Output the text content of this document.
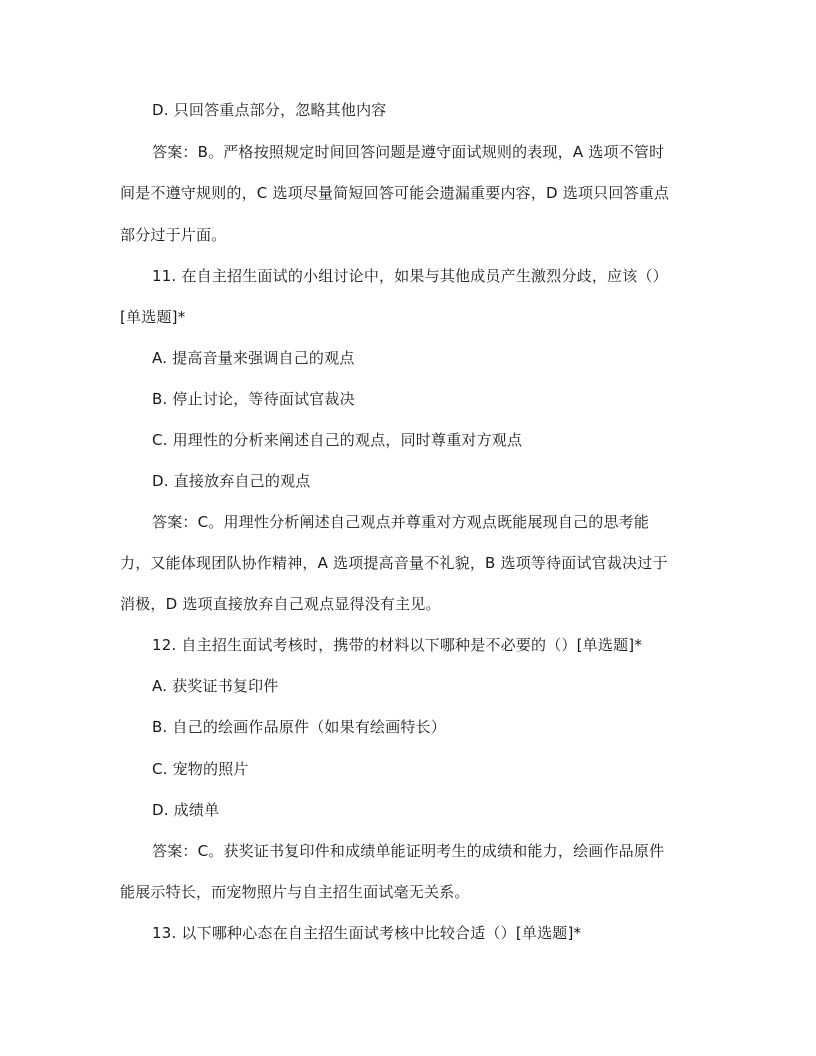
D. 只回答重点部分，忽略其他内容
答案：B。严格按照规定时间回答问题是遵守面试规则的表现，A 选项不管时
间是不遵守规则的，C 选项尽量简短回答可能会遗漏重要内容，D 选项只回答重点
部分过于片面。
11. 在自主招生面试的小组讨论中，如果与其他成员产生激烈分歧，应该（）
[单选题]*
A. 提高音量来强调自己的观点
B. 停止讨论，等待面试官裁决
C. 用理性的分析来阐述自己的观点，同时尊重对方观点
D. 直接放弃自己的观点
答案：C。用理性分析阐述自己观点并尊重对方观点既能展现自己的思考能
力，又能体现团队协作精神，A 选项提高音量不礼貌，B 选项等待面试官裁决过于
消极，D 选项直接放弃自己观点显得没有主见。
12. 自主招生面试考核时，携带的材料以下哪种是不必要的（）[单选题]*
A. 获奖证书复印件
B. 自己的绘画作品原件（如果有绘画特长）
C. 宠物的照片
D. 成绩单
答案：C。获奖证书复印件和成绩单能证明考生的成绩和能力，绘画作品原件
能展示特长，而宠物照片与自主招生面试毫无关系。
13. 以下哪种心态在自主招生面试考核中比较合适（）[单选题]*
